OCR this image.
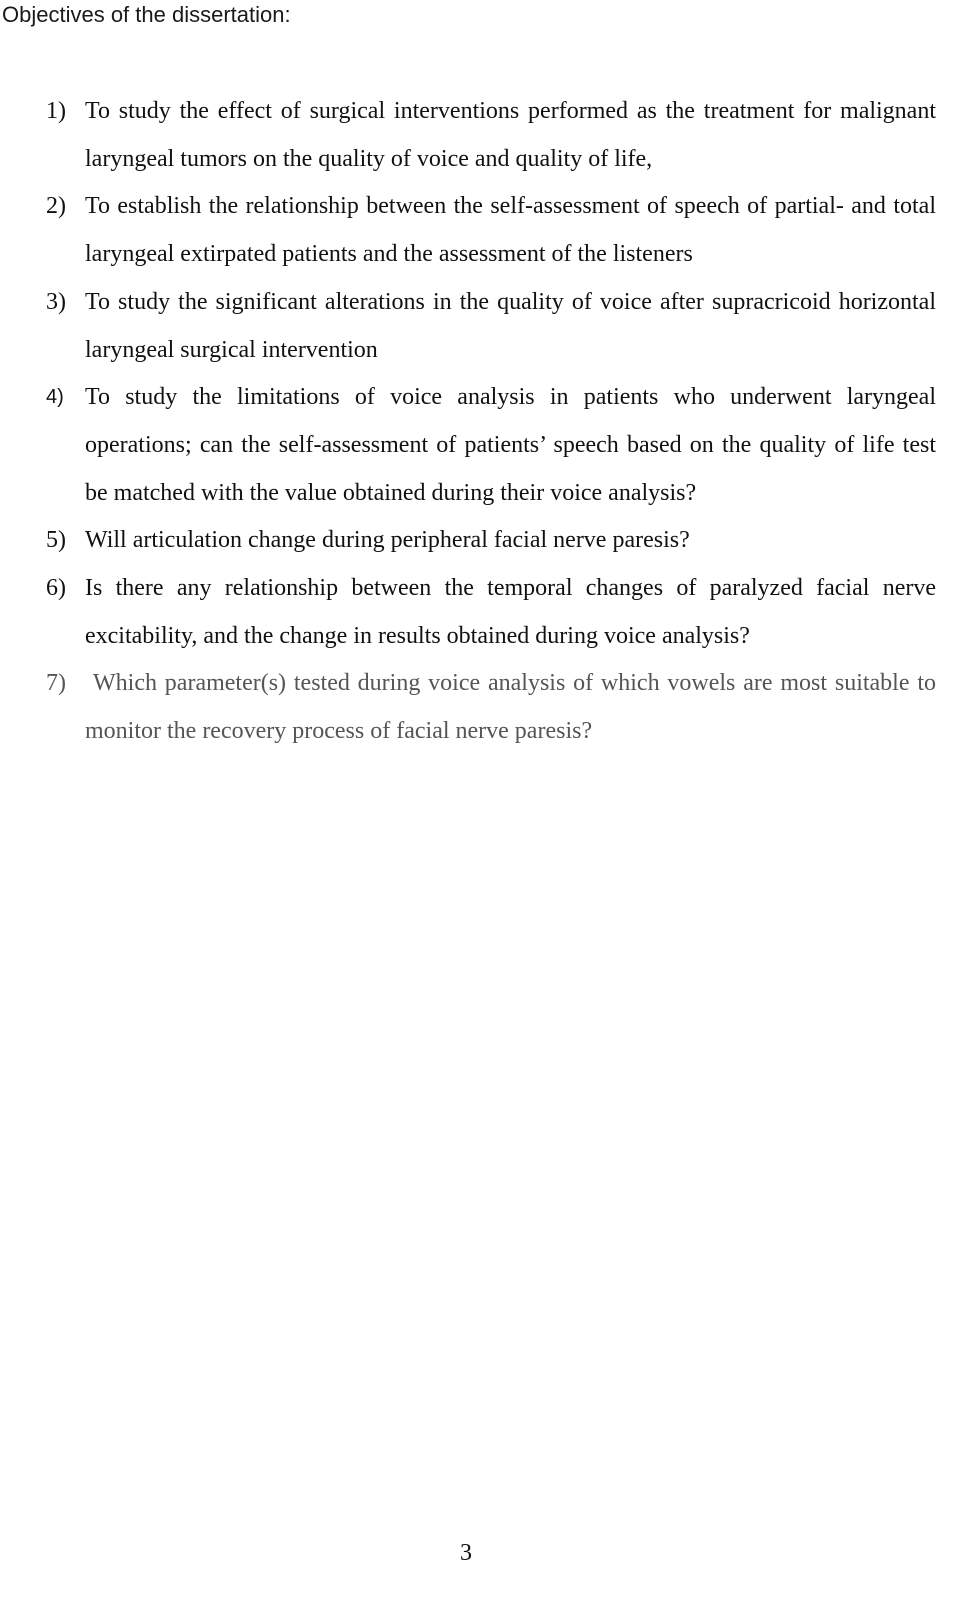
Objectives of the dissertation:
1) To study the effect of surgical interventions performed as the treatment for malignant laryngeal tumors on the quality of voice and quality of life,
2) To establish the relationship between the self-assessment of speech of partial- and total laryngeal extirpated patients and the assessment of the listeners
3) To study the significant alterations in the quality of voice after supracricoid horizontal laryngeal surgical intervention
4) To study the limitations of voice analysis in patients who underwent laryngeal operations; can the self-assessment of patients’ speech based on the quality of life test be matched with the value obtained during their voice analysis?
5) Will articulation change during peripheral facial nerve paresis?
6) Is there any relationship between the temporal changes of paralyzed facial nerve excitability, and the change in results obtained during voice analysis?
7) Which parameter(s) tested during voice analysis of which vowels are most suitable to monitor the recovery process of facial nerve paresis?
3
